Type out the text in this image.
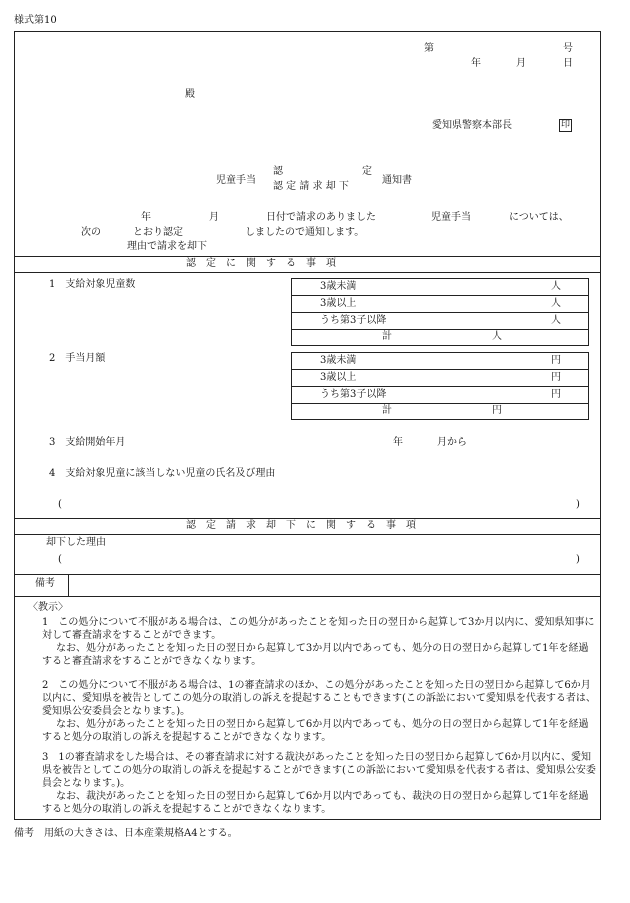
様式第10
第	号
年	月	日
殿
愛知県警察本部長	印
児童手当
認	定
認 定 請 求 却 下
通知書
年	月	日付で請求のありました	児童手当	については、
次の	とおり認定	しましたので通知します。
理由で請求を却下
認　定　に　関　す　る　事　項
1　支給対象児童数	3歳未満	人
3歳以上	人
うち第3子以降	人
計	人
2　手当月額	3歳未満	円
3歳以上	円
うち第3子以降	円
計	円
3　支給開始年月	年	月から
4　支給対象児童に該当しない児童の氏名及び理由
(	)
認　定　請　求　却　下　に　関　す　る　事　項
却下した理由
(	)
備考
〈教示〉

1　この処分について不服がある場合は、この処分があったことを知った日の翌日から起算して3か月以内に、愛知県知事に対して審査請求をすることができます。

なお、処分があったことを知った日の翌日から起算して3か月以内であっても、処分の日の翌日から起算して1年を経過すると審査請求をすることができなくなります。

2　この処分について不服がある場合は、1の審査請求のほか、この処分があったことを知った日の翌日から起算して6か月以内に、愛知県を被告としてこの処分の取消しの訴えを提起することもできます(この訴訟において愛知県を代表する者は、愛知県公安委員会となります。)。

なお、処分があったことを知った日の翌日から起算して6か月以内であっても、処分の日の翌日から起算して1年を経過すると処分の取消しの訴えを提起することができなくなります。

3　1の審査請求をした場合は、その審査請求に対する裁決があったことを知った日の翌日から起算して6か月以内に、愛知県を被告としてこの処分の取消しの訴えを提起することができます(この訴訟において愛知県を代表する者は、愛知県公安委員会となります。)。

なお、裁決があったことを知った日の翌日から起算して6か月以内であっても、裁決の日の翌日から起算して1年を経過すると処分の取消しの訴えを提起することができなくなります。

備考　用紙の大きさは、日本産業規格A4とする。
